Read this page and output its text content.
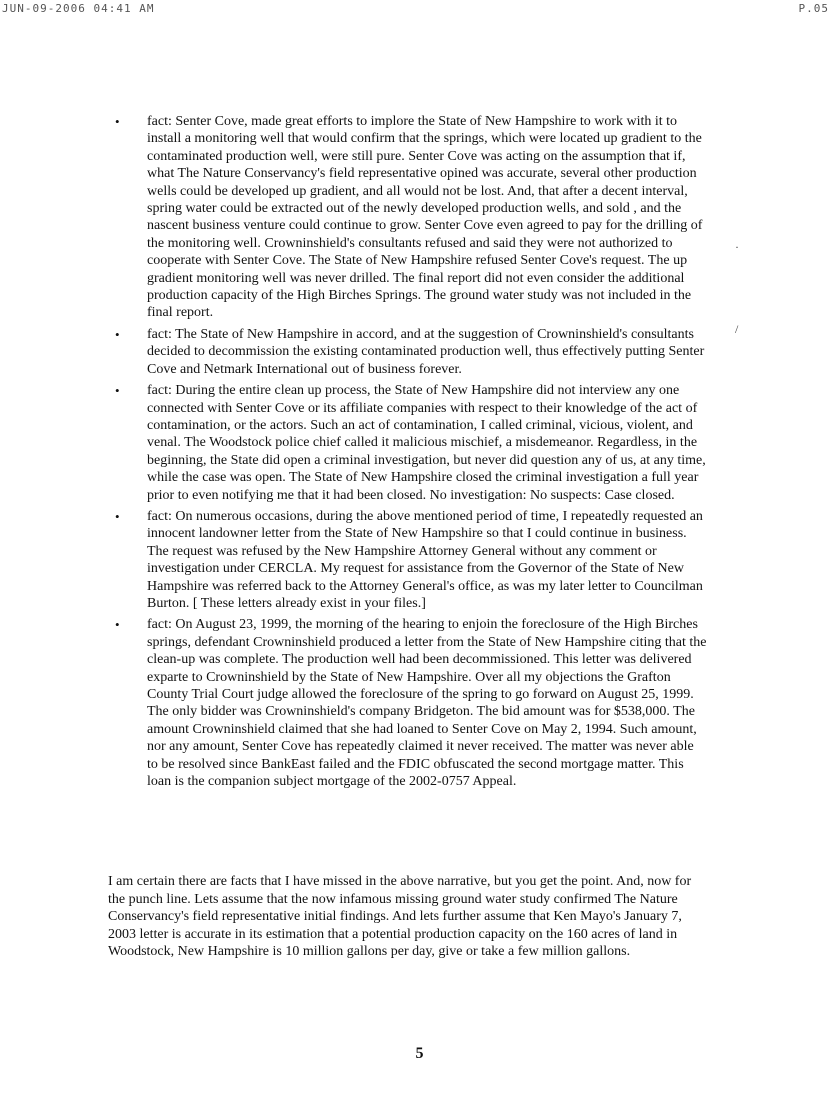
JUN-09-2006 04:41 AM	P.05
• fact: Senter Cove, made great efforts to implore the State of New Hampshire to work with it to install a monitoring well that would confirm that the springs, which were located up gradient to the contaminated production well, were still pure. Senter Cove was acting on the assumption that if, what The Nature Conservancy's field representative opined was accurate, several other production wells could be developed up gradient, and all would not be lost. And, that after a decent interval, spring water could be extracted out of the newly developed production wells, and sold , and the nascent business venture could continue to grow. Senter Cove even agreed to pay for the drilling of the monitoring well. Crowninshield's consultants refused and said they were not authorized to cooperate with Senter Cove. The State of New Hampshire refused Senter Cove's request. The up gradient monitoring well was never drilled. The final report did not even consider the additional production capacity of the High Birches Springs. The ground water study was not included in the final report.
• fact: The State of New Hampshire in accord, and at the suggestion of Crowninshield's consultants decided to decommission the existing contaminated production well, thus effectively putting Senter Cove and Netmark International out of business forever.
• fact: During the entire clean up process, the State of New Hampshire did not interview any one connected with Senter Cove or its affiliate companies with respect to their knowledge of the act of contamination, or the actors. Such an act of contamination, I called criminal, vicious, violent, and venal. The Woodstock police chief called it malicious mischief, a misdemeanor. Regardless, in the beginning, the State did open a criminal investigation, but never did question any of us, at any time, while the case was open. The State of New Hampshire closed the criminal investigation a full year prior to even notifying me that it had been closed. No investigation: No suspects: Case closed.
• fact: On numerous occasions, during the above mentioned period of time, I repeatedly requested an innocent landowner letter from the State of New Hampshire so that I could continue in business. The request was refused by the New Hampshire Attorney General without any comment or investigation under CERCLA. My request for assistance from the Governor of the State of New Hampshire was referred back to the Attorney General's office, as was my later letter to Councilman Burton. [ These letters already exist in your files.]
• fact: On August 23, 1999, the morning of the hearing to enjoin the foreclosure of the High Birches springs, defendant Crowninshield produced a letter from the State of New Hampshire citing that the clean-up was complete. The production well had been decommissioned. This letter was delivered exparte to Crowninshield by the State of New Hampshire. Over all my objections the Grafton County Trial Court judge allowed the foreclosure of the spring to go forward on August 25, 1999. The only bidder was Crowninshield's company Bridgeton. The bid amount was for $538,000. The amount Crowninshield claimed that she had loaned to Senter Cove on May 2, 1994. Such amount, nor any amount, Senter Cove has repeatedly claimed it never received. The matter was never able to be resolved since BankEast failed and the FDIC obfuscated the second mortgage matter. This loan is the companion subject mortgage of the 2002-0757 Appeal.

I am certain there are facts that I have missed in the above narrative, but you get the point. And, now for the punch line. Lets assume that the now infamous missing ground water study confirmed The Nature Conservancy's field representative initial findings. And lets further assume that Ken Mayo's January 7, 2003 letter is accurate in its estimation that a potential production capacity on the 160 acres of land in Woodstock, New Hampshire is 10 million gallons per day, give or take a few million gallons.

·
/
5
